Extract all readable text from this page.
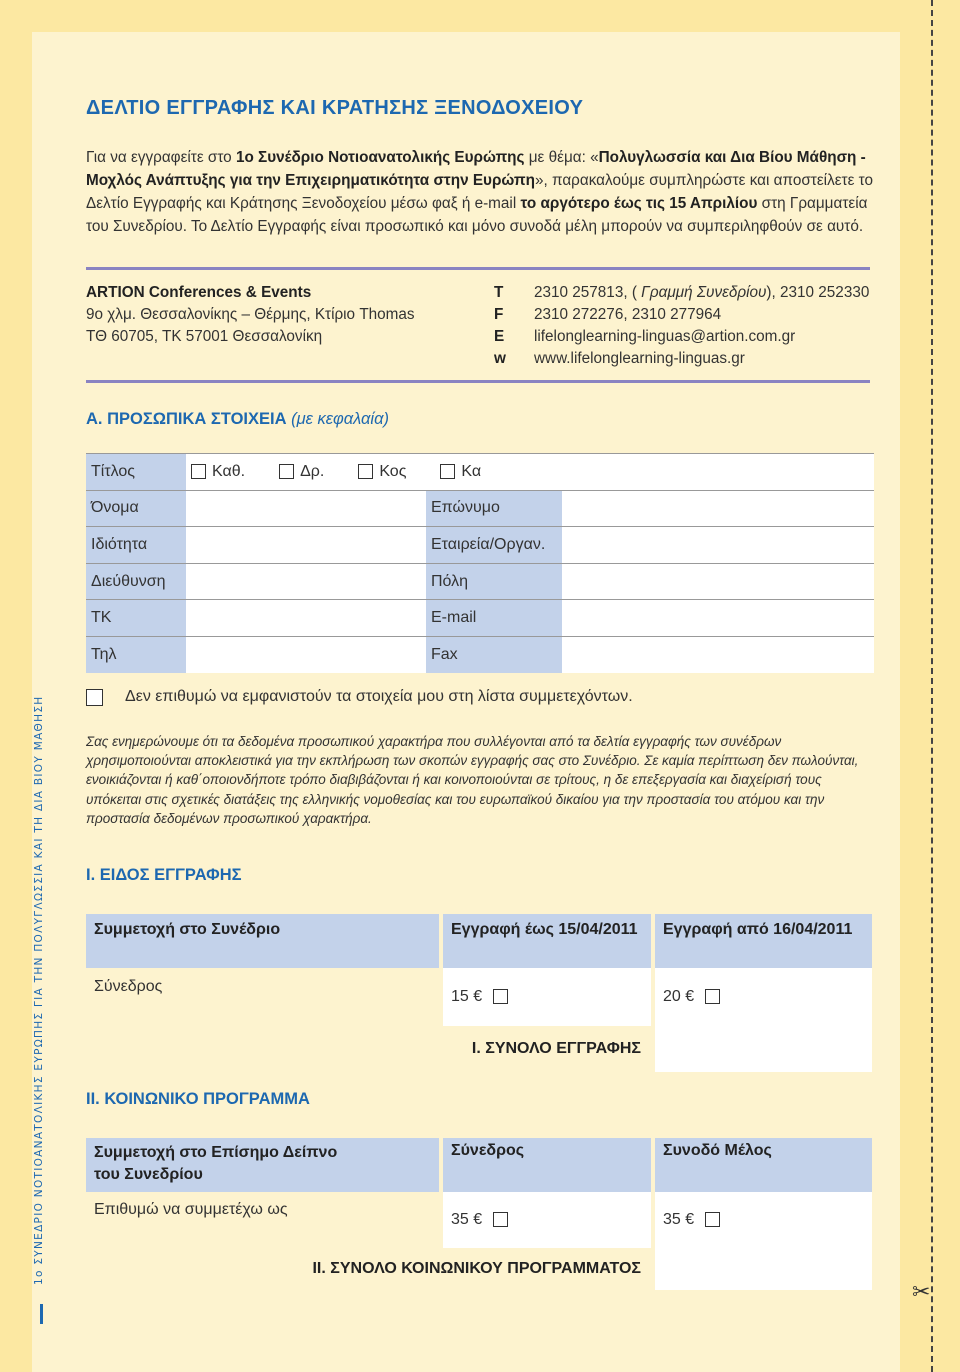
✂
1ο ΣΥΝΕΔΡΙΟ ΝΟΤΙΟΑΝΑΤΟΛΙΚΗΣ ΕΥΡΩΠΗΣ ΓΙΑ ΤΗΝ ΠΟΛΥΓΛΩΣΣΙΑ ΚΑΙ ΤΗ ΔΙΑ ΒΙΟΥ ΜΑΘΗΣΗ
ΔΕΛΤΙΟ ΕΓΓΡΑΦΗΣ ΚΑΙ ΚΡΑΤΗΣΗΣ ΞΕΝΟΔΟΧΕΙΟΥ

Για να εγγραφείτε στο 1ο Συνέδριο Νοτιοανατολικής Ευρώπης με θέμα: «Πολυγλωσσία και Δια Βίου Μάθηση - Μοχλός Ανάπτυξης για την Επιχειρηματικότητα στην Ευρώπη», παρακαλούμε συμπληρώστε και αποστείλετε το Δελτίο Εγγραφής και Κράτησης Ξενοδοχείου μέσω φαξ ή e-mail το αργότερο έως τις 15 Απριλίου στη Γραμματεία του Συνεδρίου. Το Δελτίο Εγγραφής είναι προσωπικό και μόνο συνοδά μέλη μπορούν να συμπεριληφθούν σε αυτό.

ARTION Conferences & Events
9ο χλμ. Θεσσαλονίκης – Θέρμης, Κτίριο Thomas
ΤΘ 60705, ΤΚ 57001 Θεσσαλονίκη
T	2310 257813, ( Γραμμή Συνεδρίου), 2310 252330
F	2310 272276, 2310 277964
E	lifelonglearning-linguas@artion.com.gr
w	www.lifelonglearning-linguas.gr
Α. ΠΡΟΣΩΠΙΚΑ ΣΤΟΙΧΕΙΑ (με κεφαλαία)
Τίτλος	Καθ. Δρ. Κος Κα		
Όνομα		Επώνυμο	
Ιδιότητα		Εταιρεία/Οργαν.	
Διεύθυνση		Πόλη	
ΤΚ		E-mail	
Τηλ		Fax	
Δεν επιθυμώ να εμφανιστούν τα στοιχεία μου στη λίστα συμμετεχόντων.

Σας ενημερώνουμε ότι τα δεδομένα προσωπικού χαρακτήρα που συλλέγονται από τα δελτία εγγραφής των συνέδρων χρησιμοποιούνται αποκλειστικά για την εκπλήρωση των σκοπών εγγραφής σας στο Συνέδριο. Σε καμία περίπτωση δεν πωλούνται, ενοικιάζονται ή καθ΄οποιονδήποτε τρόπο διαβιβάζονται ή και κοινοποιούνται σε τρίτους, η δε επεξεργασία και διαχείρισή τους υπόκειται στις σχετικές διατάξεις της ελληνικής νομοθεσίας και του ευρωπαϊκού δικαίου για την προστασία του ατόμου και την προστασία δεδομένων προσωπικού χαρακτήρα.

I. ΕΙΔΟΣ ΕΓΓΡΑΦΗΣ
Συμμετοχή στο Συνέδριο	Εγγραφή έως 15/04/2011	Εγγραφή από 16/04/2011
Σύνεδρος	15 €	20 €
I. ΣΥΝΟΛΟ ΕΓΓΡΑΦΗΣ		
II. ΚΟΙΝΩΝΙΚΟ ΠΡΟΓΡΑΜΜΑ
Συμμετοχή στο Επίσημο Δείπνο
του Συνεδρίου	Σύνεδρος	Συνοδό Μέλος
Επιθυμώ να συμμετέχω ως	35 €	35 €
II. ΣΥΝΟΛΟ ΚΟΙΝΩΝΙΚΟΥ ΠΡΟΓΡΑΜΜΑΤΟΣ		
